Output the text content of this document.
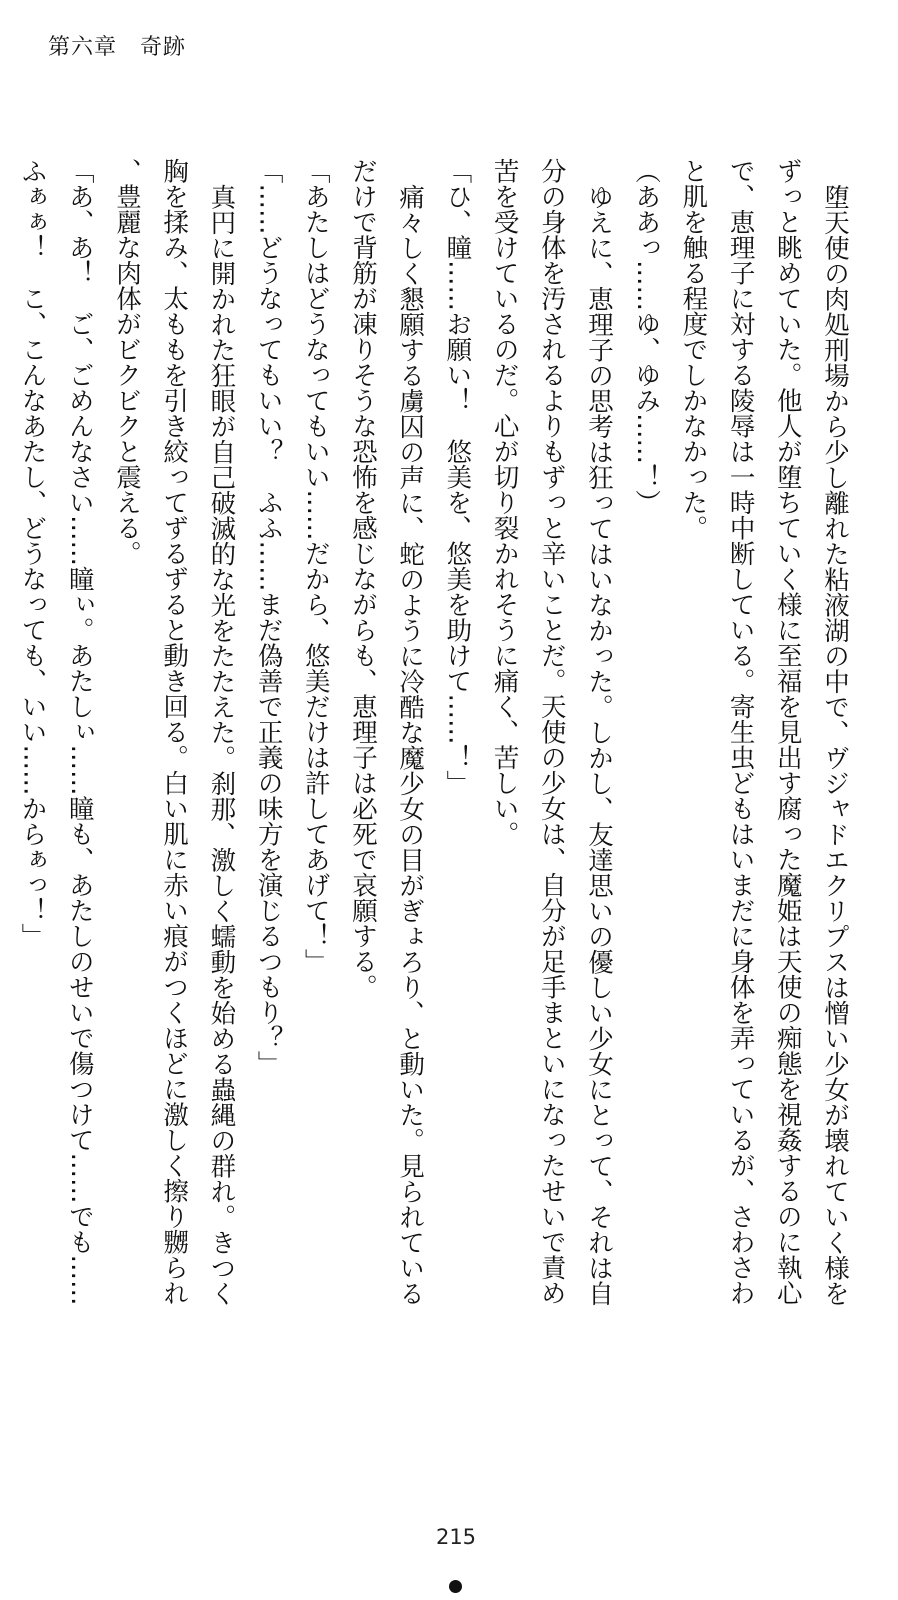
第六章　奇跡

堕天使の肉処刑場から少し離れた粘液湖の中で、ヴジャドエクリプスは憎い少女が壊れていく様をずっと眺めていた。他人が堕ちていく様に至福を見出す腐った魔姫は天使の痴態を視姦するのに執心で、恵理子に対する陵辱は一時中断している。寄生虫どもはいまだに身体を弄っているが、さわさわと肌を触る程度でしかなかった。

（ああっ……ゆ、ゆみ……！）

ゆえに、恵理子の思考は狂ってはいなかった。しかし、友達思いの優しい少女にとって、それは自分の身体を汚されるよりもずっと辛いことだ。天使の少女は、自分が足手まといになったせいで責め苦を受けているのだ。心が切り裂かれそうに痛く、苦しい。

「ひ、瞳……お願い！　悠美を、悠美を助けて……！」

痛々しく懇願する虜囚の声に、蛇のように冷酷な魔少女の目がぎょろり、と動いた。見られているだけで背筋が凍りそうな恐怖を感じながらも、恵理子は必死で哀願する。

「あたしはどうなってもいい……だから、悠美だけは許してあげて！」

「……どうなってもいい？　ふふ……まだ偽善で正義の味方を演じるつもり？」

真円に開かれた狂眼が自己破滅的な光をたたえた。刹那、激しく蠕動を始める蟲縄の群れ。きつく胸を揉み、太ももを引き絞ってずるずると動き回る。白い肌に赤い痕がつくほどに激しく擦り嬲られ、豊麗な肉体がビクビクと震える。

「あ、あ！　ご、ごめんなさい……瞳ぃ。あたしぃ……瞳も、あたしのせいで傷つけて……でも……ふぁぁ！　こ、こんなあたし、どうなっても、いい……からぁっ！」

215
